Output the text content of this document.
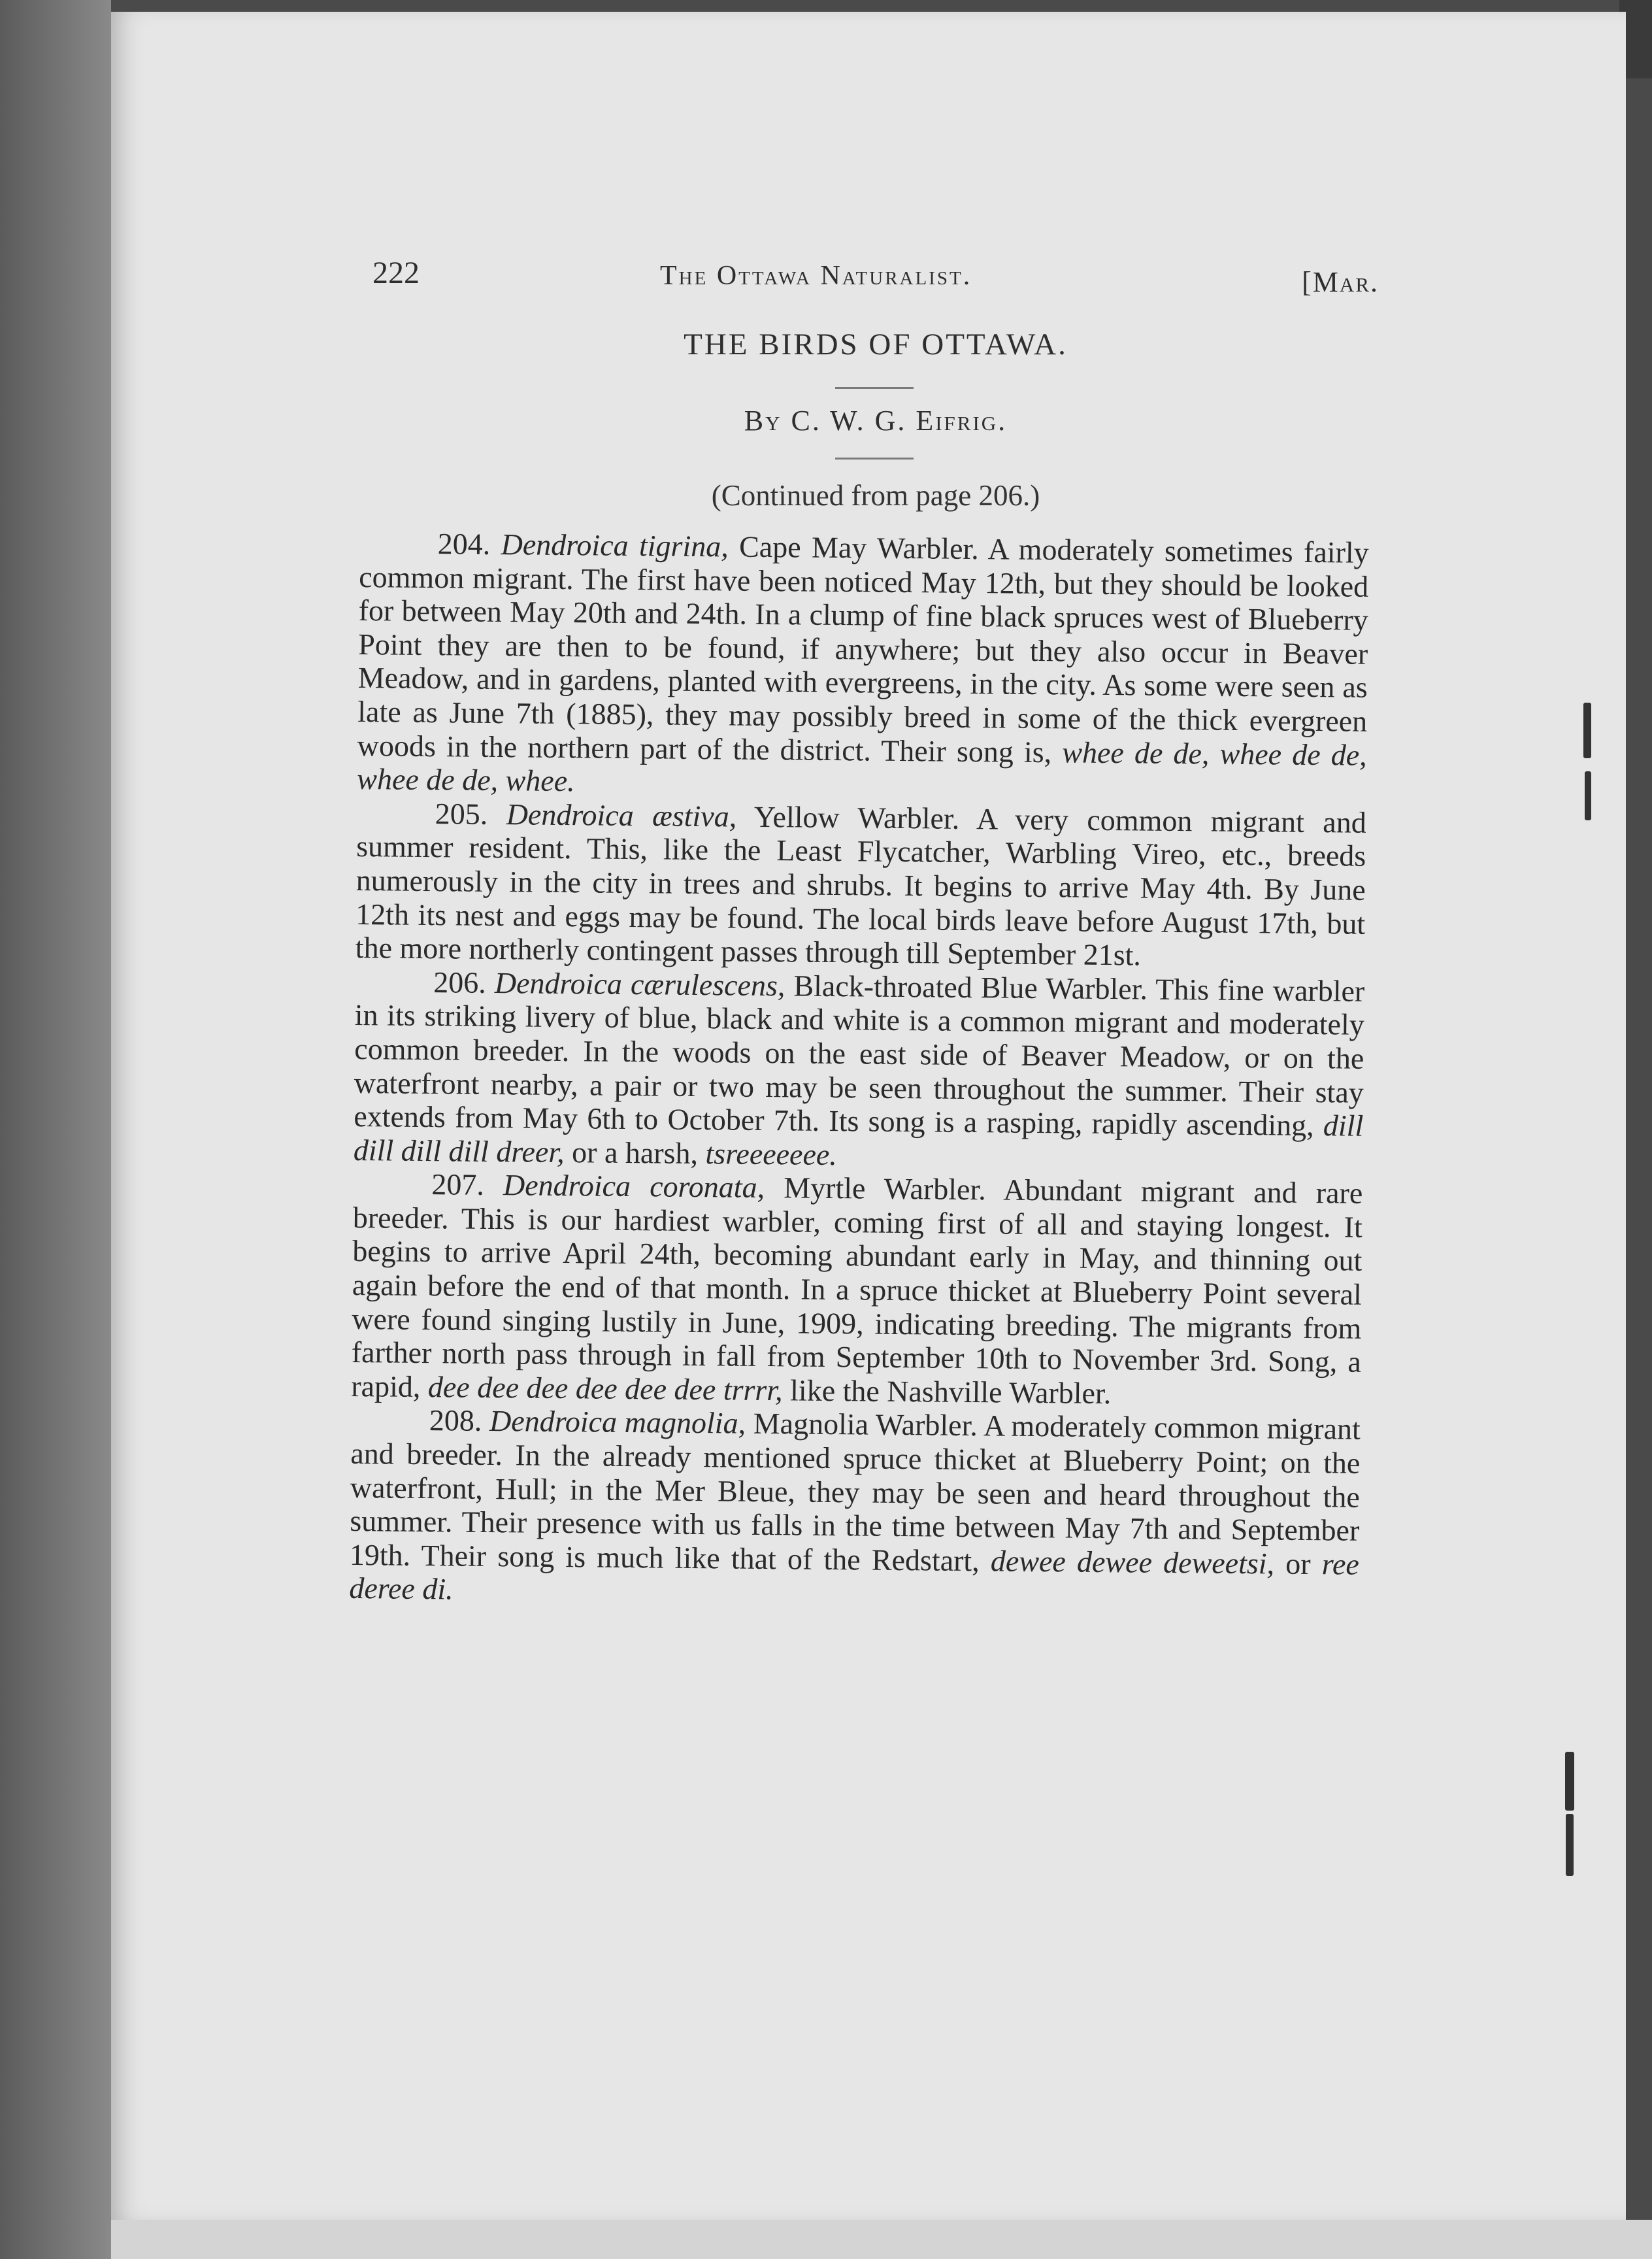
222	The Ottawa Naturalist.	[Mar.
THE BIRDS OF OTTAWA.
By C. W. G. Eifrig.
(Continued from page 206.)

204. Dendroica tigrina, Cape May Warbler. A moderately sometimes fairly common migrant. The first have been noticed May 12th, but they should be looked for between May 20th and 24th. In a clump of fine black spruces west of Blueberry Point they are then to be found, if anywhere; but they also occur in Beaver Meadow, and in gardens, planted with evergreens, in the city. As some were seen as late as June 7th (1885), they may possibly breed in some of the thick evergreen woods in the northern part of the district. Their song is, whee de de, whee de de, whee de de, whee.

205. Dendroica æstiva, Yellow Warbler. A very common migrant and summer resident. This, like the Least Flycatcher, Warbling Vireo, etc., breeds numerously in the city in trees and shrubs. It begins to arrive May 4th. By June 12th its nest and eggs may be found. The local birds leave before August 17th, but the more northerly contingent passes through till September 21st.

206. Dendroica cærulescens, Black-throated Blue Warbler. This fine warbler in its striking livery of blue, black and white is a common migrant and moderately common breeder. In the woods on the east side of Beaver Meadow, or on the waterfront nearby, a pair or two may be seen throughout the summer. Their stay extends from May 6th to October 7th. Its song is a rasping, rapidly ascending, dill dill dill dill dreer, or a harsh, tsreeeeeee.

207. Dendroica coronata, Myrtle Warbler. Abundant migrant and rare breeder. This is our hardiest warbler, coming first of all and staying longest. It begins to arrive April 24th, becoming abundant early in May, and thinning out again before the end of that month. In a spruce thicket at Blueberry Point several were found singing lustily in June, 1909, indicating breeding. The migrants from farther north pass through in fall from September 10th to November 3rd. Song, a rapid, dee dee dee dee dee dee trrrr, like the Nashville Warbler.

208. Dendroica magnolia, Magnolia Warbler. A moderately common migrant and breeder. In the already mentioned spruce thicket at Blueberry Point; on the waterfront, Hull; in the Mer Bleue, they may be seen and heard throughout the summer. Their presence with us falls in the time between May 7th and September 19th. Their song is much like that of the Redstart, dewee dewee deweetsi, or ree deree di.
